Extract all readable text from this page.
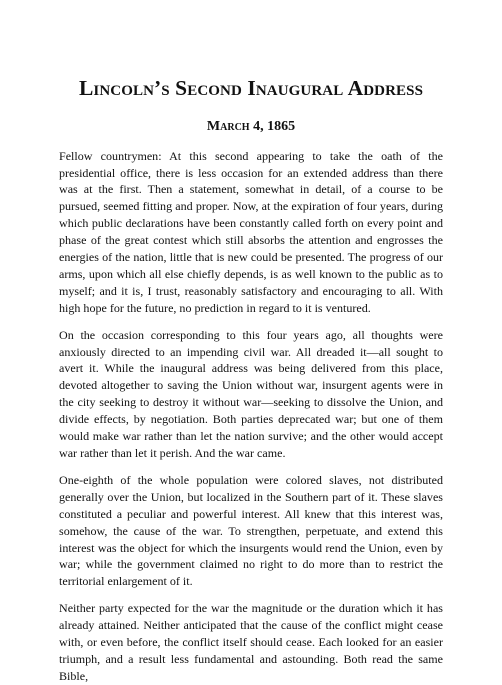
Lincoln’s Second Inaugural Address
March 4, 1865

Fellow countrymen: At this second appearing to take the oath of the presidential office, there is less occasion for an extended address than there was at the first. Then a statement, somewhat in detail, of a course to be pursued, seemed fitting and proper. Now, at the expiration of four years, during which public declarations have been constantly called forth on every point and phase of the great contest which still absorbs the attention and engrosses the energies of the nation, little that is new could be presented. The progress of our arms, upon which all else chiefly depends, is as well known to the public as to myself; and it is, I trust, reasonably satisfactory and encouraging to all. With high hope for the future, no prediction in regard to it is ventured.

On the occasion corresponding to this four years ago, all thoughts were anxiously directed to an impending civil war. All dreaded it—all sought to avert it. While the inaugural address was being delivered from this place, devoted altogether to saving the Union without war, insurgent agents were in the city seeking to destroy it without war—seeking to dissolve the Union, and divide effects, by negotiation. Both parties deprecated war; but one of them would make war rather than let the nation survive; and the other would accept war rather than let it perish. And the war came.

One-eighth of the whole population were colored slaves, not distributed generally over the Union, but localized in the Southern part of it. These slaves constituted a peculiar and powerful interest. All knew that this interest was, somehow, the cause of the war. To strengthen, perpetuate, and extend this interest was the object for which the insurgents would rend the Union, even by war; while the government claimed no right to do more than to restrict the territorial enlargement of it.

Neither party expected for the war the magnitude or the duration which it has already attained. Neither anticipated that the cause of the conflict might cease with, or even before, the conflict itself should cease. Each looked for an easier triumph, and a result less fundamental and astounding. Both read the same Bible,
